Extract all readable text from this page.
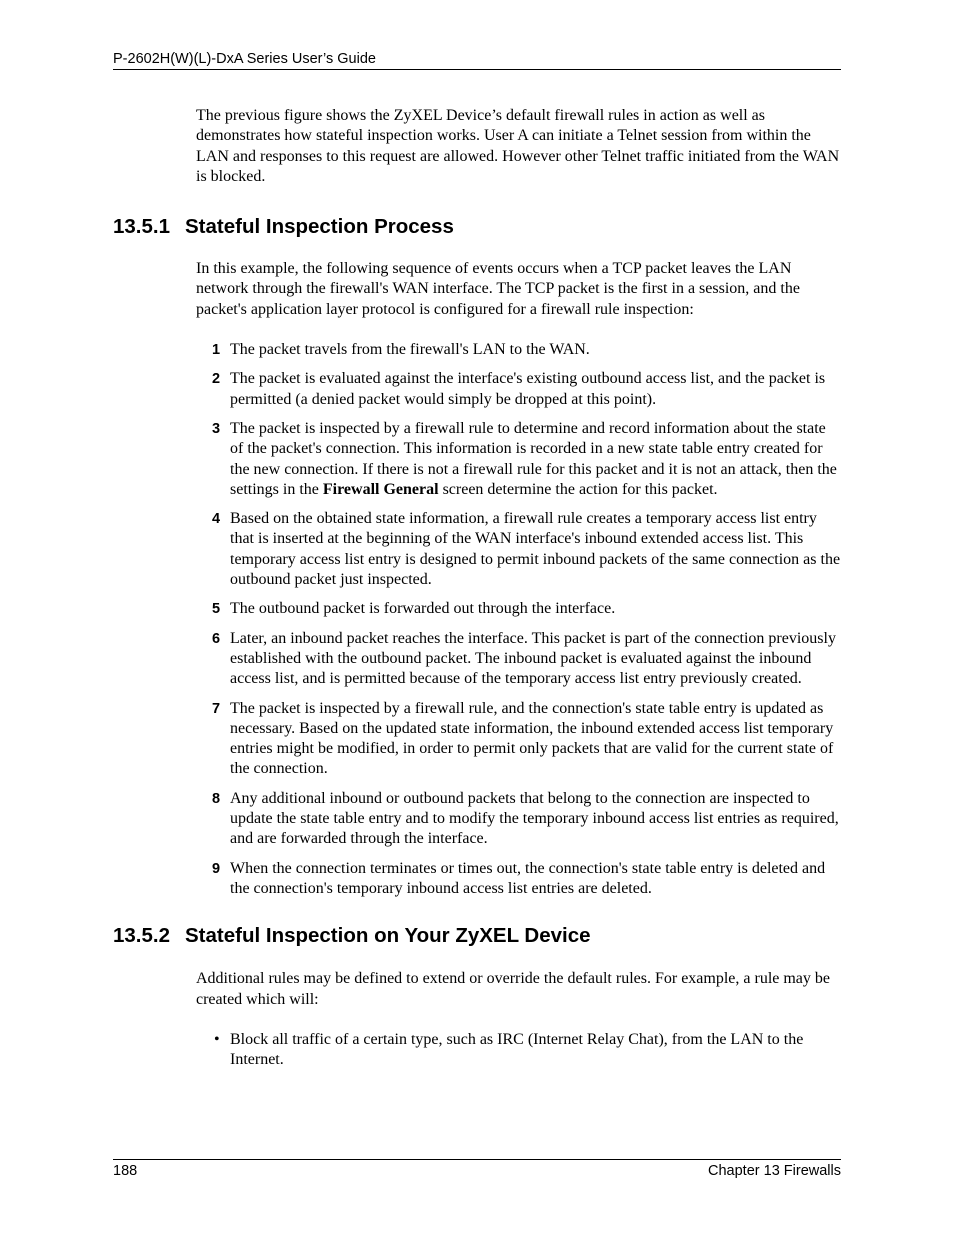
P-2602H(W)(L)-DxA Series User’s Guide

The previous figure shows the ZyXEL Device’s default firewall rules in action as well as demonstrates how stateful inspection works. User A can initiate a Telnet session from within the LAN and responses to this request are allowed. However other Telnet traffic initiated from the WAN is blocked.

13.5.1 Stateful Inspection Process

In this example, the following sequence of events occurs when a TCP packet leaves the LAN network through the firewall's WAN interface. The TCP packet is the first in a session, and the packet's application layer protocol is configured for a firewall rule inspection:

1 The packet travels from the firewall's LAN to the WAN.
2 The packet is evaluated against the interface's existing outbound access list, and the packet is permitted (a denied packet would simply be dropped at this point).
3 The packet is inspected by a firewall rule to determine and record information about the state of the packet's connection. This information is recorded in a new state table entry created for the new connection. If there is not a firewall rule for this packet and it is not an attack, then the settings in the Firewall General screen determine the action for this packet.
4 Based on the obtained state information, a firewall rule creates a temporary access list entry that is inserted at the beginning of the WAN interface's inbound extended access list. This temporary access list entry is designed to permit inbound packets of the same connection as the outbound packet just inspected.
5 The outbound packet is forwarded out through the interface.
6 Later, an inbound packet reaches the interface. This packet is part of the connection previously established with the outbound packet. The inbound packet is evaluated against the inbound access list, and is permitted because of the temporary access list entry previously created.
7 The packet is inspected by a firewall rule, and the connection's state table entry is updated as necessary. Based on the updated state information, the inbound extended access list temporary entries might be modified, in order to permit only packets that are valid for the current state of the connection.
8 Any additional inbound or outbound packets that belong to the connection are inspected to update the state table entry and to modify the temporary inbound access list entries as required, and are forwarded through the interface.
9 When the connection terminates or times out, the connection's state table entry is deleted and the connection's temporary inbound access list entries are deleted.
13.5.2 Stateful Inspection on Your ZyXEL Device

Additional rules may be defined to extend or override the default rules. For example, a rule may be created which will:

• Block all traffic of a certain type, such as IRC (Internet Relay Chat), from the LAN to the Internet.
188	Chapter 13 Firewalls
